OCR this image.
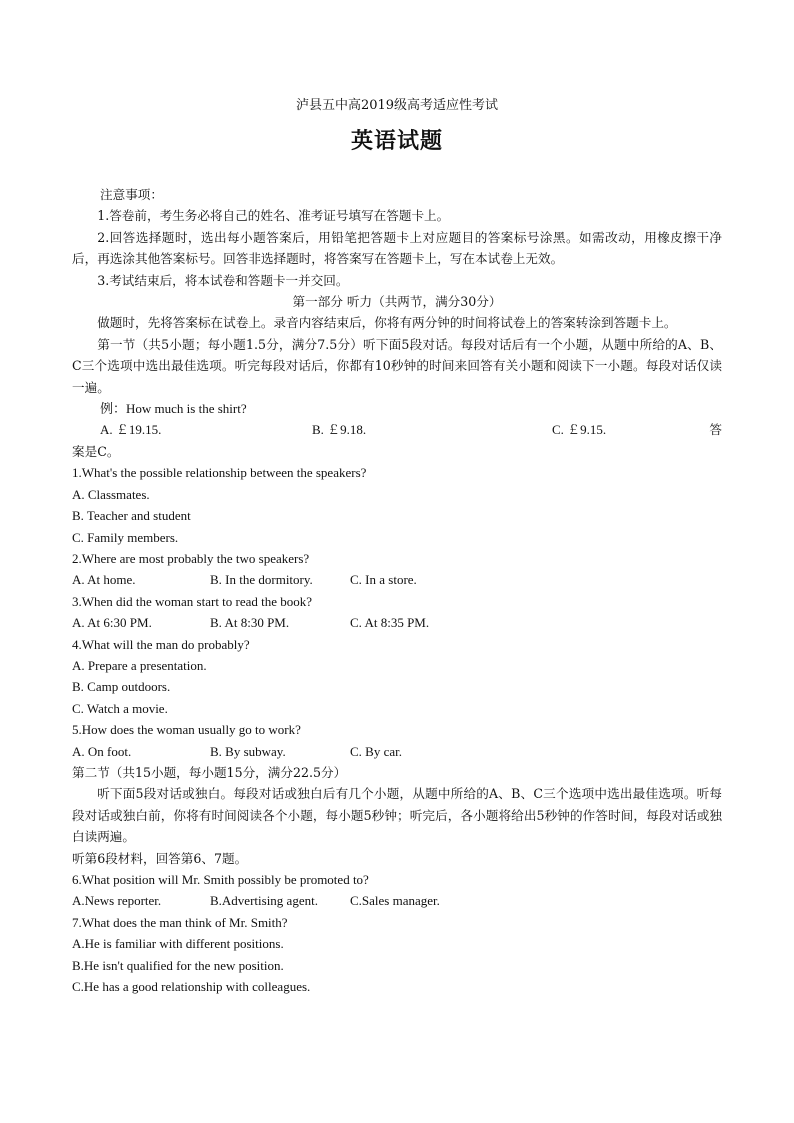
泸县五中高2019级高考适应性考试
英语试题
注意事项：
1.答卷前，考生务必将自己的姓名、准考证号填写在答题卡上。
2.回答选择题时，选出每小题答案后，用铅笔把答题卡上对应题目的答案标号涂黑。如需改动，用橡皮擦干净后，再选涂其他答案标号。回答非选择题时，将答案写在答题卡上，写在本试卷上无效。
3.考试结束后，将本试卷和答题卡一并交回。
第一部分 听力（共两节，满分30分）
做题时，先将答案标在试卷上。录音内容结束后，你将有两分钟的时间将试卷上的答案转涂到答题卡上。
第一节（共5小题；每小题1.5分，满分7.5分）听下面5段对话。每段对话后有一个小题，从题中所给的A、B、C三个选项中选出最佳选项。听完每段对话后，你都有10秒钟的时间来回答有关小题和阅读下一小题。每段对话仅读一遍。
例：How much is the shirt?
A. ￡19.15.	B. ￡9.18.	C. ￡9.15.	答
案是C。
1.What's the possible relationship between the speakers?
A. Classmates.
B. Teacher and student
C. Family members.
2.Where are most probably the two speakers?
A. At home.	B. In the dormitory.	C. In a store.
3.When did the woman start to read the book?
A. At 6:30 PM.	B. At 8:30 PM.	C. At 8:35 PM.
4.What will the man do probably?
A. Prepare a presentation.
B. Camp outdoors.
C. Watch a movie.
5.How does the woman usually go to work?
A. On foot.	B. By subway.	C. By car.
第二节（共15小题，每小题15分，满分22.5分）
听下面5段对话或独白。每段对话或独白后有几个小题，从题中所给的A、B、C三个选项中选出最佳选项。听每段对话或独白前，你将有时间阅读各个小题，每小题5秒钟；听完后，各小题将给出5秒钟的作答时间，每段对话或独白读两遍。
听第6段材料，回答第6、7题。
6.What position will Mr. Smith possibly be promoted to?
A.News reporter.	B.Advertising agent.	C.Sales manager.
7.What does the man think of Mr. Smith?
A.He is familiar with different positions.
B.He isn't qualified for the new position.
C.He has a good relationship with colleagues.
